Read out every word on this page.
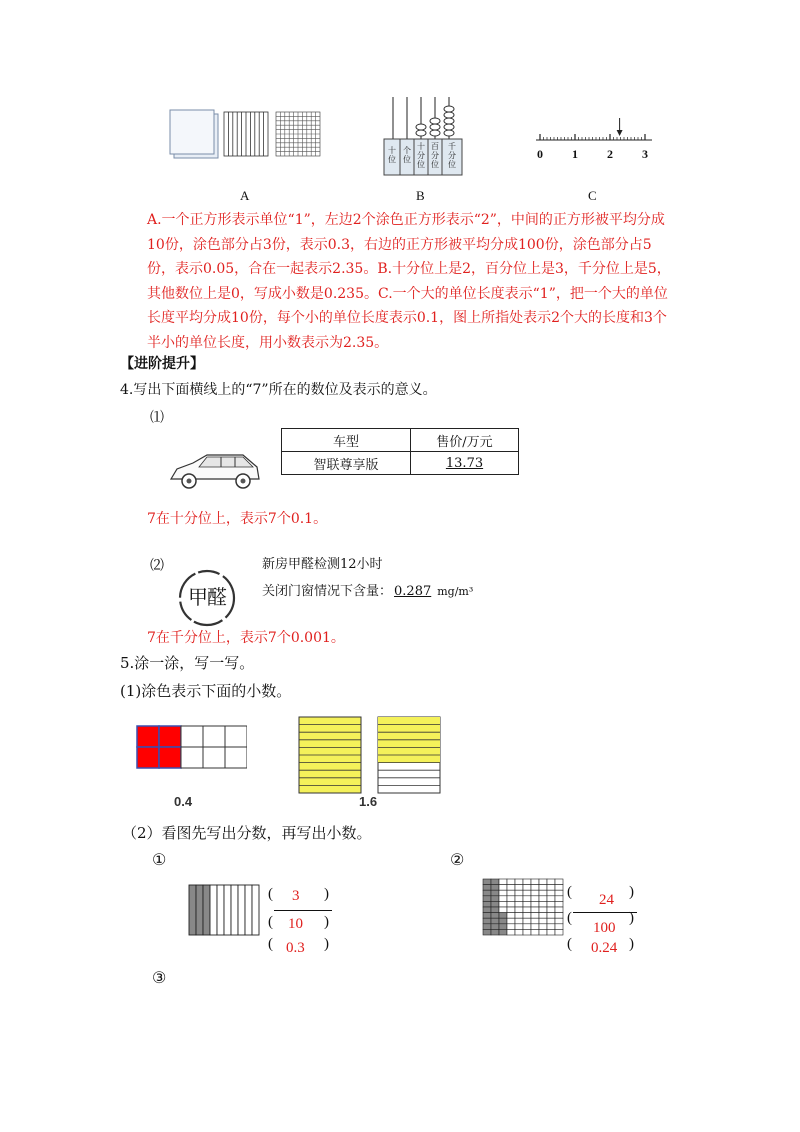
十
位
个
位
十
分
位
百
分
位
千
分
位
0 1 2 3
A	B	C

A.一个正方形表示单位“1”，左边2个涂色正方形表示“2”，中间的正方形被平均分成10份，涂色部分占3份，表示0.3，右边的正方形被平均分成100份，涂色部分占5份，表示0.05，合在一起表示2.35。B.十分位上是2，百分位上是3，千分位上是5，其他数位上是0，写成小数是0.235。C.一个大的单位长度表示“1”，把一个大的单位长度平均分成10份，每个小的单位长度表示0.1，图上所指处表示2个大的长度和3个半小的单位长度，用小数表示为2.35。

【进阶提升】
4.写出下面横线上的“7”所在的数位及表示的意义。
⑴
车型	售价/万元
智联尊享版	13.73
7在十分位上，表示7个0.1。
⑵
甲醛
新房甲醛检测12小时
关闭门窗情况下含量： 0.287 mg/m³
7在千分位上，表示7个0.001。
5.涂一涂，写一写。
(1)涂色表示下面的小数。
0.4	1.6
（2）看图先写出分数，再写出小数。
①
(	)
3
(	)
10
(	)
0.3
②
(	)
24
(	)
100
(	)
0.24
③
